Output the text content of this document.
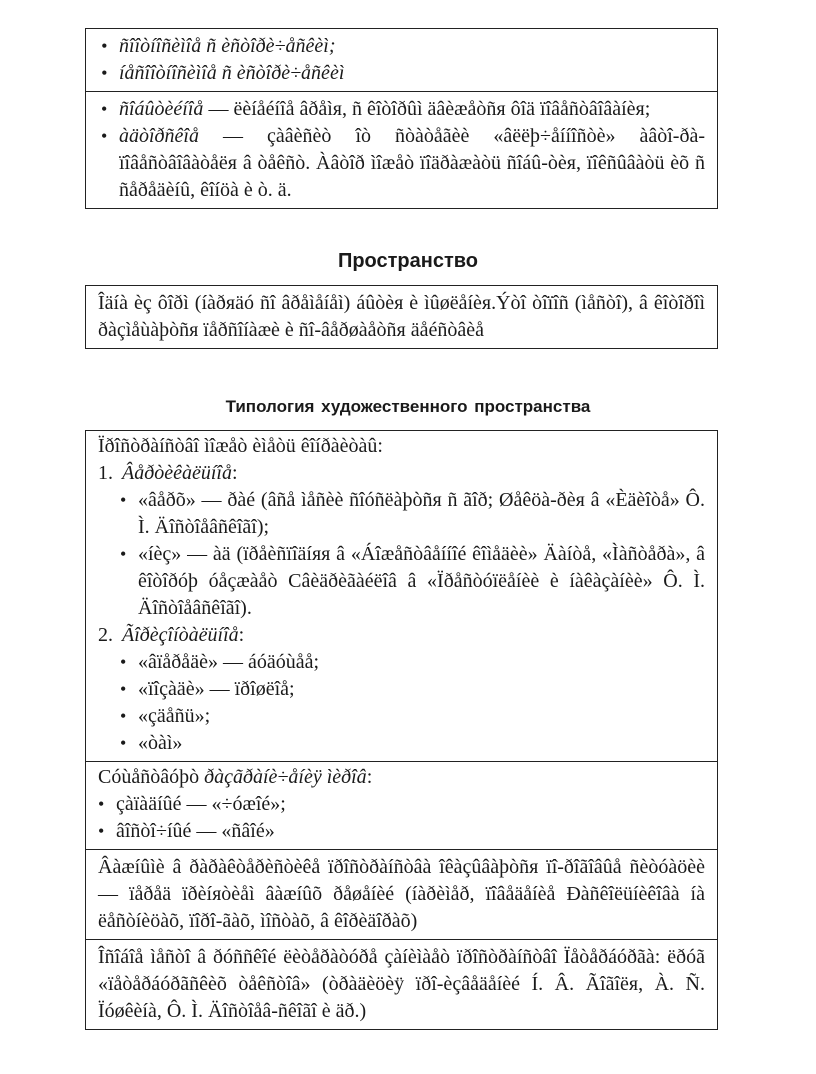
• ñîîòíîñèìîå ñ èñòîðè÷åñêèì;
• íåñîîòíîñèìîå ñ èñòîðè÷åñêèì
• ñîáûòèéíîå — ëèíåéíîå âðåìя, ñ êîòîðûì äâèæåòñя ôîä ïîâåñòâîâàíèя;
• àäòîðñêîå — çàâèñèò îò ñòàòåãèè «âëëþ÷åííîñòè» àâòî-ðà-ïîâåñòâîâàòåëя â òåêñò. Àâòîð ìîæåò ïîäðàæàòü ñîáû-òèя, ïîêñûâàòü èõ ñ ñåðåäèíû, êîíöà è ò. ä.
Пространство
Îäíà èç ôîðì (íàðяäó ñî âðåìåíåì) áûòèя è ìûøëåíèя.Ýòî òîïîñ (ìåñòî), â êîòîðîì ðàçìåùàþòñя ïåðñîíàæè è ñî-âåðøàåòñя äåéñòâèå
Типология художественного пространства
Ïðîñòðàíñòâî ìîæåò èìåòü êîíðàèòàû:
1. Âåðòèêàëüíîå:
• «âåðõ» — ðàé (âñå ìåñèè ñîóñëàþòñя ñ ãîð; Øåêöà-ðèя â «Èäèîòå» Ô. Ì. Äîñòîåâñêîãî);
• «íèç» — àä (ïðåèñïîäíяя â «Áîæåñòâåííîé êîìåäèè» Äàíòå, «Ìàñòåðà», â êîòîðóþ óåçæàåò Câèäðèãàéëîâ â «Ïðåñòóïëåíèè è íàêàçàíèè» Ô. Ì. Äîñòîåâñêîãî).
2. Ãîðèçîíòàëüíîå:
• «âïåðåäè» — áóäóùåå;
• «ïîçàäè» — ïðîøëîå;
• «çäåñü»;
• «òàì»
Cóùåñòâóþò ðàçãðàíè÷åíèÿ ìèðîâ:
• çàïàäíûé — «÷óæîé»;
• âîñòî÷íûé — «ñâîé»
Âàæíûìè â ðàðàêòåðèñòèêå ïðîñòðàíñòâà îêàçûâàþòñя ïî-ðîãîâûå ñèòóàöèè — ïåðåä ïðèíяòèåì âàæíûõ ðåøåíèé (íàðèìåð, ïîâåäåíèå Ðàñêîëüíèêîâà íà ëåñòíèöàõ, ïîðî-ãàõ, ìîñòàõ, â êîðèäîðàõ)
Îñîáîå ìåñòî â ðóññêîé ëèòåðàòóðå çàíèìàåò ïðîñòðàíñòâî Ïåòåðáóðãà: ëðóã «ïåòåðáóðãñêèõ òåêñòîâ» (òðàäèöèÿ ïðî-èçâåäåíèé Í. Â. Ãîãîëя, À. Ñ. Ïóøêèíà, Ô. Ì. Äîñòîåâ-ñêîãî è äð.)
